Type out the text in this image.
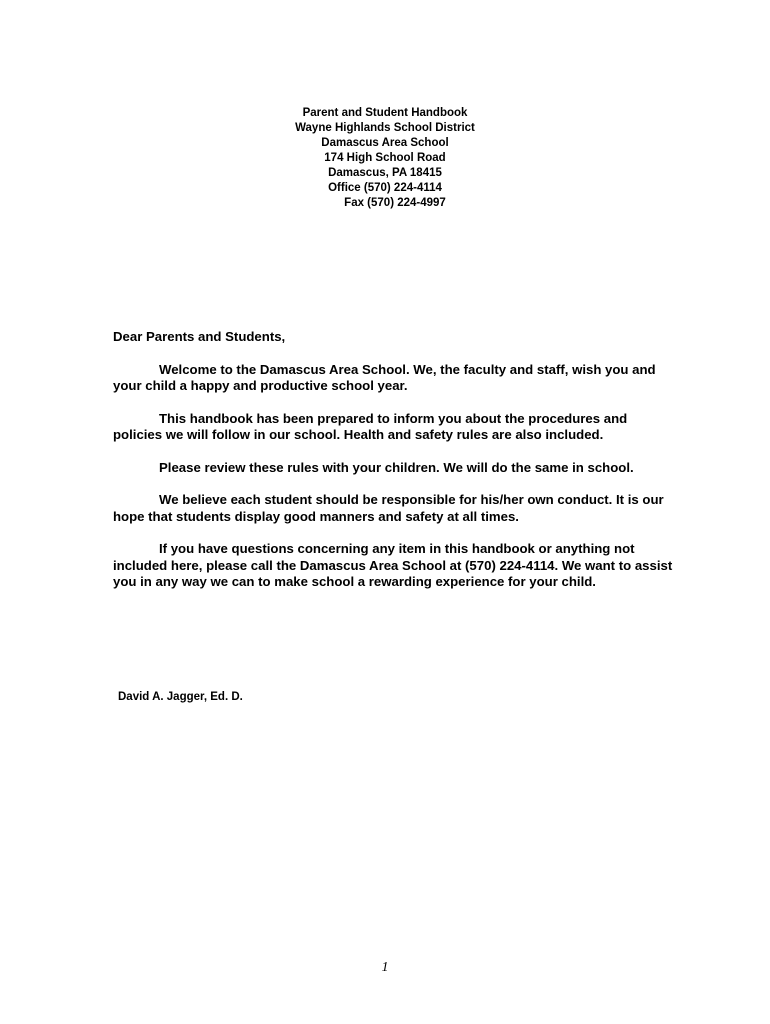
Parent and Student Handbook
Wayne Highlands School District
Damascus Area School
174 High School Road
Damascus, PA 18415
Office (570) 224-4114
Fax (570) 224-4997

Dear Parents and Students,

Welcome to the Damascus Area School. We, the faculty and staff, wish you and your child a happy and productive school year.

This handbook has been prepared to inform you about the procedures and policies we will follow in our school. Health and safety rules are also included.

Please review these rules with your children. We will do the same in school.

We believe each student should be responsible for his/her own conduct. It is our hope that students display good manners and safety at all times.

If you have questions concerning any item in this handbook or anything not included here, please call the Damascus Area School at (570) 224-4114. We want to assist you in any way we can to make school a rewarding experience for your child.

David A. Jagger, Ed. D.
1
